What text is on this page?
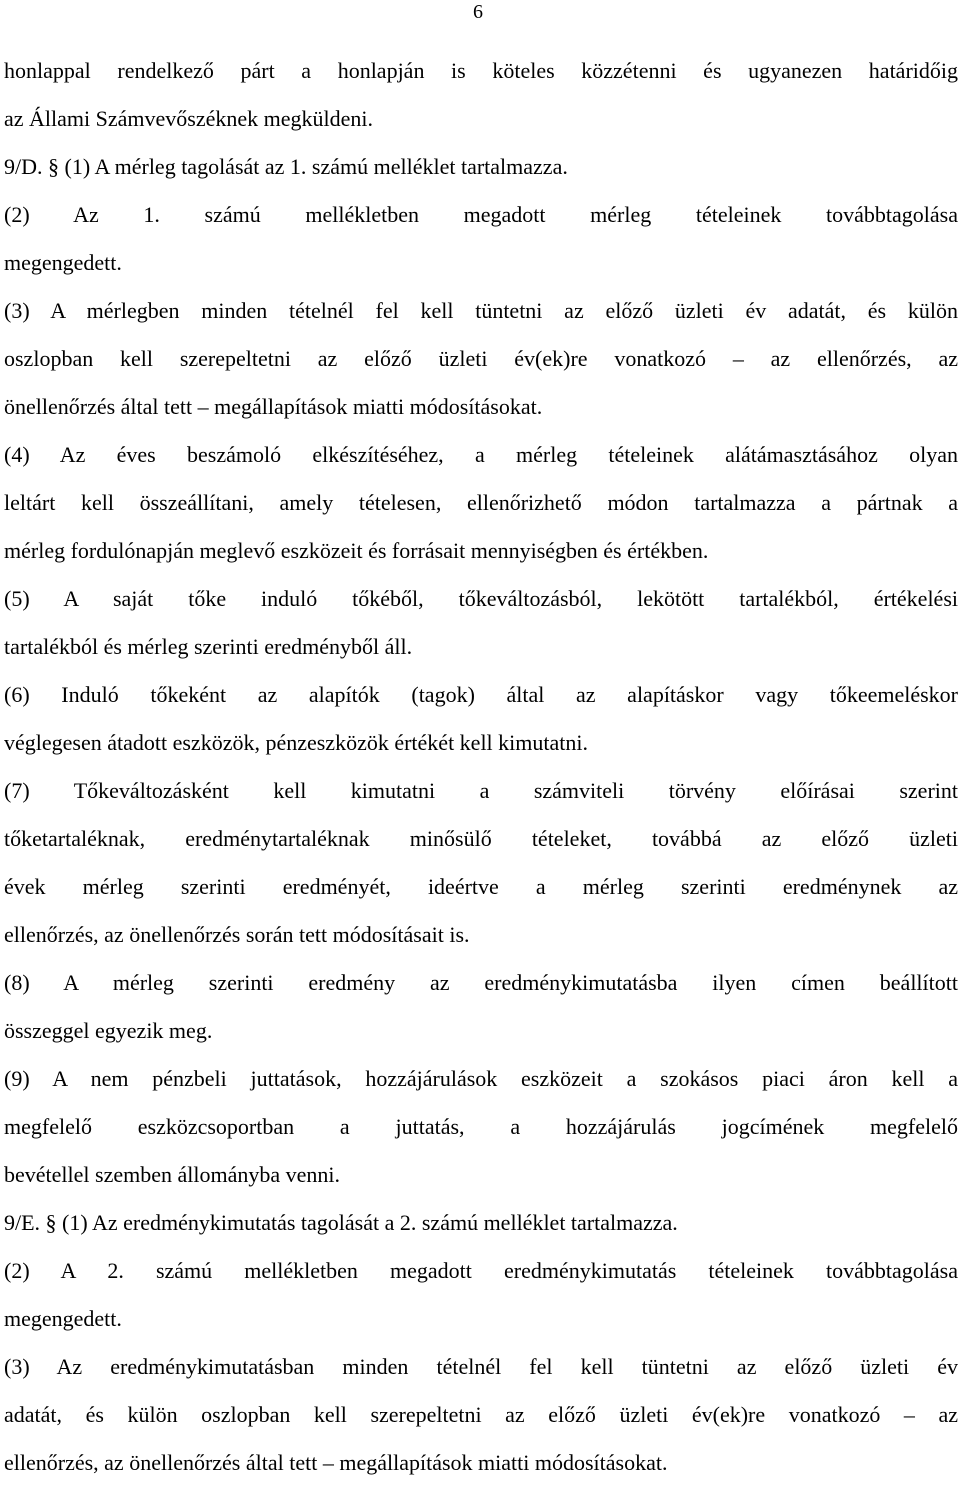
6
honlappal rendelkező párt a honlapján is köteles közzétenni és ugyanezen határidőig
az Állami Számvevőszéknek megküldeni.
9/D. § (1) A mérleg tagolását az 1. számú melléklet tartalmazza.
(2) Az 1. számú mellékletben megadott mérleg tételeinek továbbtagolása
megengedett.
(3) A mérlegben minden tételnél fel kell tüntetni az előző üzleti év adatát, és külön
oszlopban kell szerepeltetni az előző üzleti év(ek)re vonatkozó – az ellenőrzés, az
önellenőrzés által tett – megállapítások miatti módosításokat.
(4) Az éves beszámoló elkészítéséhez, a mérleg tételeinek alátámasztásához olyan
leltárt kell összeállítani, amely tételesen, ellenőrizhető módon tartalmazza a pártnak a
mérleg fordulónapján meglevő eszközeit és forrásait mennyiségben és értékben.
(5) A saját tőke induló tőkéből, tőkeváltozásból, lekötött tartalékból, értékelési
tartalékból és mérleg szerinti eredményből áll.
(6) Induló tőkeként az alapítók (tagok) által az alapításkor vagy tőkeemeléskor
véglegesen átadott eszközök, pénzeszközök értékét kell kimutatni.
(7) Tőkeváltozásként kell kimutatni a számviteli törvény előírásai szerint
tőketartaléknak, eredménytartaléknak minősülő tételeket, továbbá az előző üzleti
évek mérleg szerinti eredményét, ideértve a mérleg szerinti eredménynek az
ellenőrzés, az önellenőrzés során tett módosításait is.
(8) A mérleg szerinti eredmény az eredménykimutatásba ilyen címen beállított
összeggel egyezik meg.
(9) A nem pénzbeli juttatások, hozzájárulások eszközeit a szokásos piaci áron kell a
megfelelő eszközcsoportban a juttatás, a hozzájárulás jogcímének megfelelő
bevétellel szemben állományba venni.
9/E. § (1) Az eredménykimutatás tagolását a 2. számú melléklet tartalmazza.
(2) A 2. számú mellékletben megadott eredménykimutatás tételeinek továbbtagolása
megengedett.
(3) Az eredménykimutatásban minden tételnél fel kell tüntetni az előző üzleti év
adatát, és külön oszlopban kell szerepeltetni az előző üzleti év(ek)re vonatkozó – az
ellenőrzés, az önellenőrzés által tett – megállapítások miatti módosításokat.
